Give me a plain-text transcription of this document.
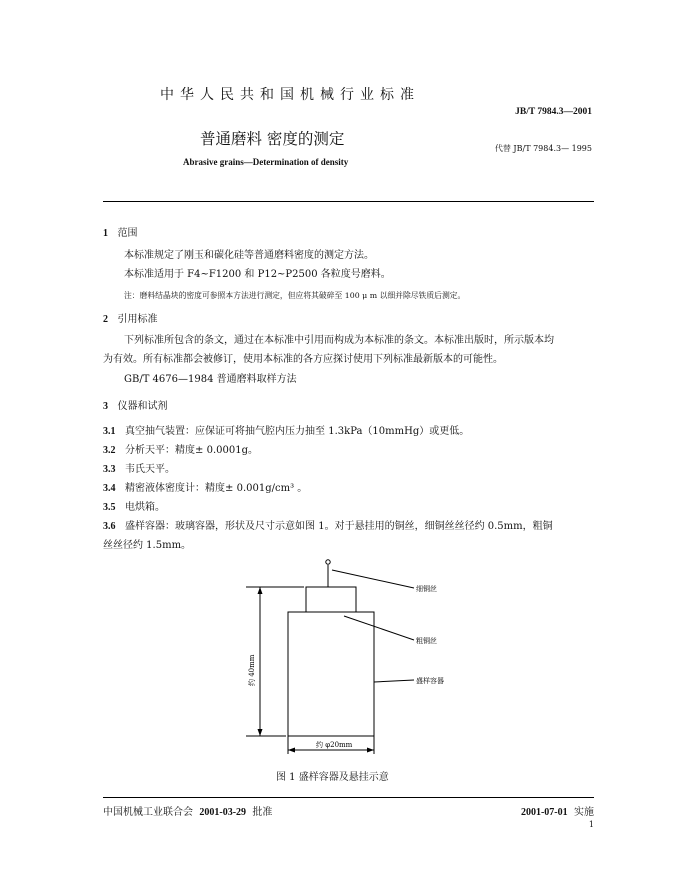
中华人民共和国机械行业标准
JB/T 7984.3—2001
普通磨料 密度的测定
代替 JB/T 7984.3— 1995
Abrasive grains—Determination of density
1 范围
本标准规定了刚玉和碳化硅等普通磨料密度的测定方法。
本标准适用于 F4~F1200 和 P12~P2500 各粒度号磨料。
注：磨料结晶块的密度可参照本方法进行测定，但应将其破碎至 100 μ m 以细并除尽铁质后测定。
2 引用标准
下列标准所包含的条文，通过在本标准中引用而构成为本标准的条文。本标准出版时，所示版本均
为有效。所有标准都会被修订，使用本标准的各方应探讨使用下列标准最新版本的可能性。
GB/T 4676—1984 普通磨料取样方法
3 仪器和试剂
3.1 真空抽气装置：应保证可将抽气腔内压力抽至 1.3kPa（10mmHg）或更低。
3.2 分析天平：精度± 0.0001g。
3.3 韦氏天平。
3.4 精密液体密度计：精度± 0.001g/cm³ 。
3.5 电烘箱。
3.6 盛样容器：玻璃容器，形状及尺寸示意如图 1。对于悬挂用的铜丝，细铜丝丝径约 0.5mm，粗铜
丝丝径约 1.5mm。
细铜丝
粗铜丝
盛样容器
约 40mm
约 φ20mm
图 1 盛样容器及悬挂示意
中国机械工业联合会 2001-03-29 批准	2001-07-01 实施
1
